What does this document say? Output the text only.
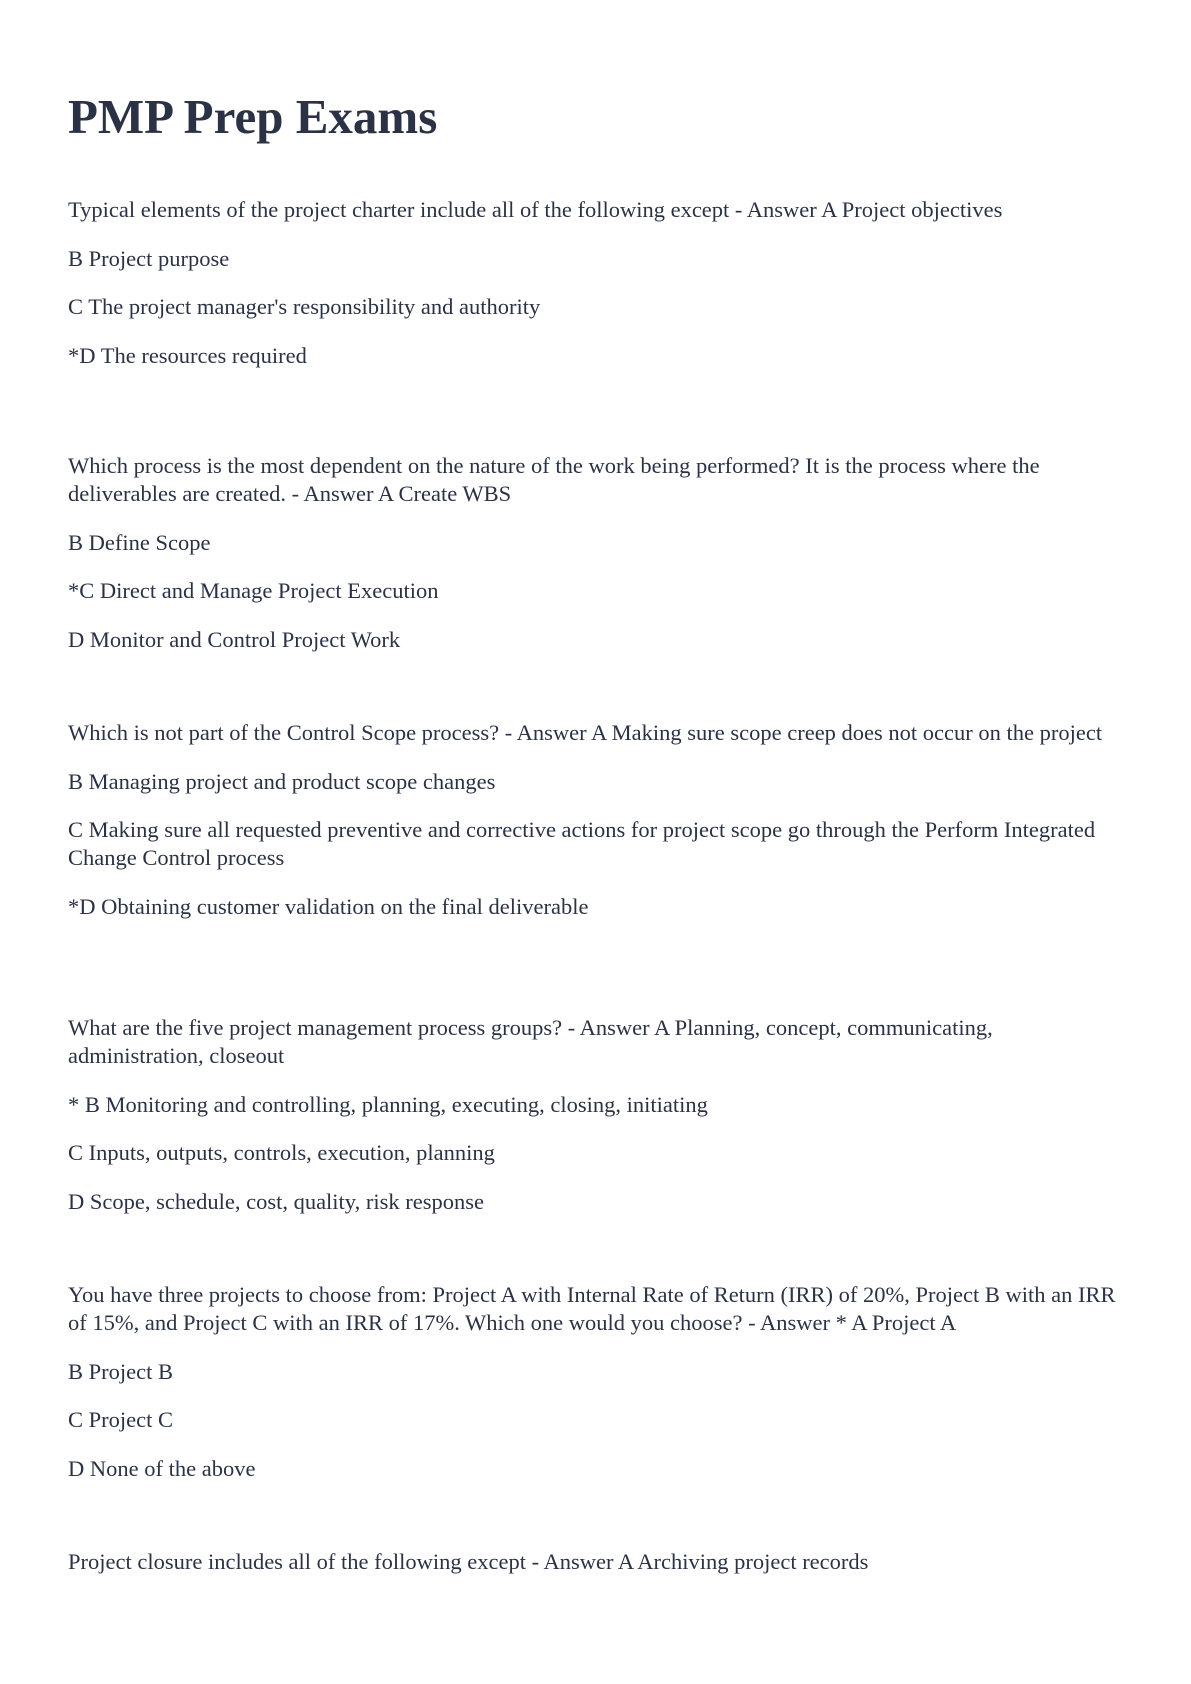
PMP Prep Exams

Typical elements of the project charter include all of the following except - Answer A Project objectives

B Project purpose

C The project manager's responsibility and authority

*D The resources required

Which process is the most dependent on the nature of the work being performed? It is the process where the deliverables are created. - Answer A Create WBS

B Define Scope

*C Direct and Manage Project Execution

D Monitor and Control Project Work

Which is not part of the Control Scope process? - Answer A Making sure scope creep does not occur on the project

B Managing project and product scope changes

C Making sure all requested preventive and corrective actions for project scope go through the Perform Integrated Change Control process

*D Obtaining customer validation on the final deliverable

What are the five project management process groups? - Answer A Planning, concept, communicating, administration, closeout

* B Monitoring and controlling, planning, executing, closing, initiating

C Inputs, outputs, controls, execution, planning

D Scope, schedule, cost, quality, risk response

You have three projects to choose from: Project A with Internal Rate of Return (IRR) of 20%, Project B with an IRR of 15%, and Project C with an IRR of 17%. Which one would you choose? - Answer * A Project A

B Project B

C Project C

D None of the above

Project closure includes all of the following except - Answer A Archiving project records
